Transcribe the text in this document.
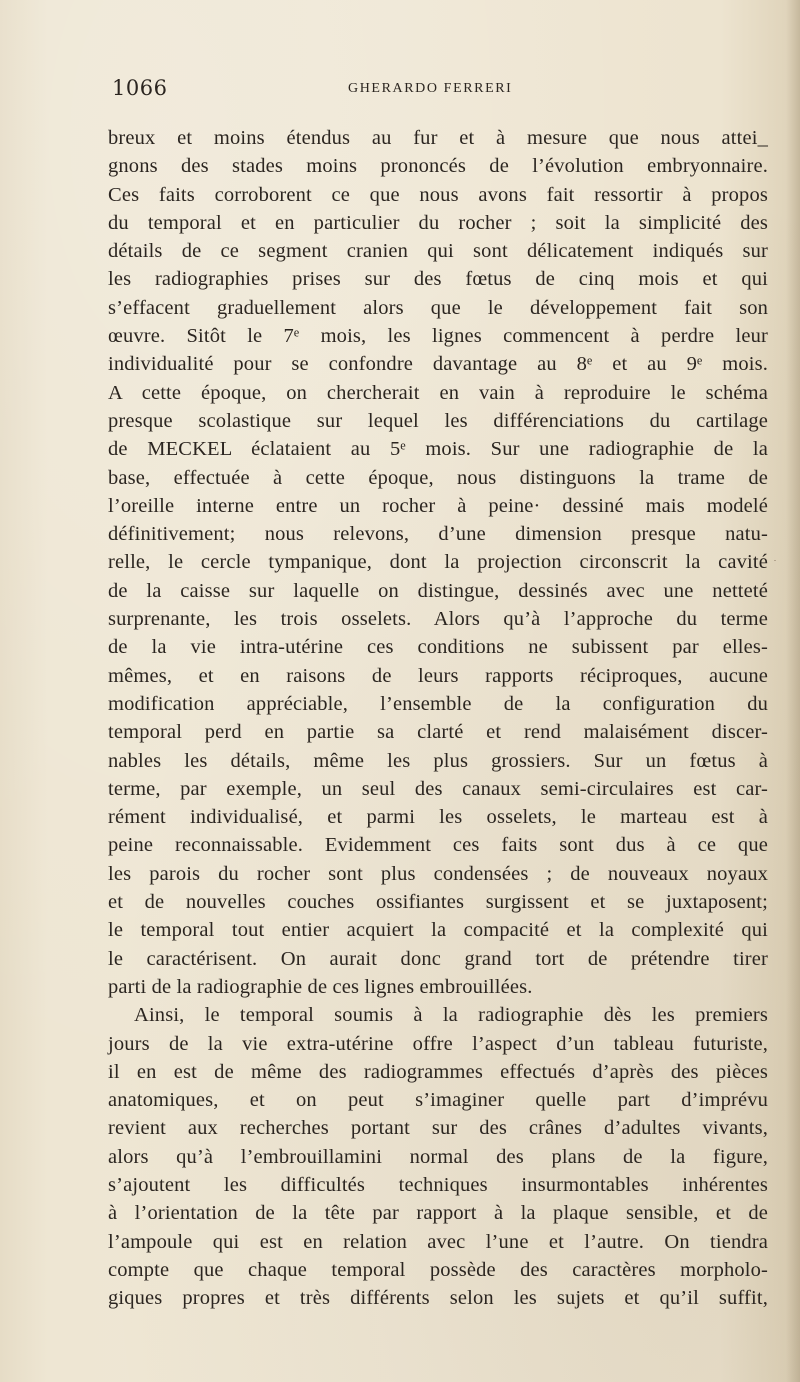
1066	GHERARDO FERRERI
breux et moins étendus au fur et à mesure que nous attei_
gnons des stades moins prononcés de l’évolution embryonnaire.
Ces faits corroborent ce que nous avons fait ressortir à propos
du temporal et en particulier du rocher ; soit la simplicité des
détails de ce segment cranien qui sont délicatement indiqués sur
les radiographies prises sur des fœtus de cinq mois et qui
s’effacent graduellement alors que le développement fait son
œuvre. Sitôt le 7ᵉ mois, les lignes commencent à perdre leur
individualité pour se confondre davantage au 8ᵉ et au 9ᵉ mois.
A cette époque, on chercherait en vain à reproduire le schéma
presque scolastique sur lequel les différenciations du cartilage
de MECKEL éclataient au 5ᵉ mois. Sur une radiographie de la
base, effectuée à cette époque, nous distinguons la trame de
l’oreille interne entre un rocher à peine· dessiné mais modelé
définitivement; nous relevons, d’une dimension presque natu-
relle, le cercle tympanique, dont la projection circonscrit la cavité
de la caisse sur laquelle on distingue, dessinés avec une netteté
surprenante, les trois osselets. Alors qu’à l’approche du terme
de la vie intra-utérine ces conditions ne subissent par elles-
mêmes, et en raisons de leurs rapports réciproques, aucune
modification appréciable, l’ensemble de la configuration du
temporal perd en partie sa clarté et rend malaisément discer-
nables les détails, même les plus grossiers. Sur un fœtus à
terme, par exemple, un seul des canaux semi-circulaires est car-
rément individualisé, et parmi les osselets, le marteau est à
peine reconnaissable. Evidemment ces faits sont dus à ce que
les parois du rocher sont plus condensées ; de nouveaux noyaux
et de nouvelles couches ossifiantes surgissent et se juxtaposent;
le temporal tout entier acquiert la compacité et la complexité qui
le caractérisent. On aurait donc grand tort de prétendre tirer
parti de la radiographie de ces lignes embrouillées.
Ainsi, le temporal soumis à la radiographie dès les premiers
jours de la vie extra-utérine offre l’aspect d’un tableau futuriste,
il en est de même des radiogrammes effectués d’après des pièces
anatomiques, et on peut s’imaginer quelle part d’imprévu
revient aux recherches portant sur des crânes d’adultes vivants,
alors qu’à l’embrouillamini normal des plans de la figure,
s’ajoutent les difficultés techniques insurmontables inhérentes
à l’orientation de la tête par rapport à la plaque sensible, et de
l’ampoule qui est en relation avec l’une et l’autre. On tiendra
compte que chaque temporal possède des caractères morpholo-
giques propres et très différents selon les sujets et qu’il suffit,
